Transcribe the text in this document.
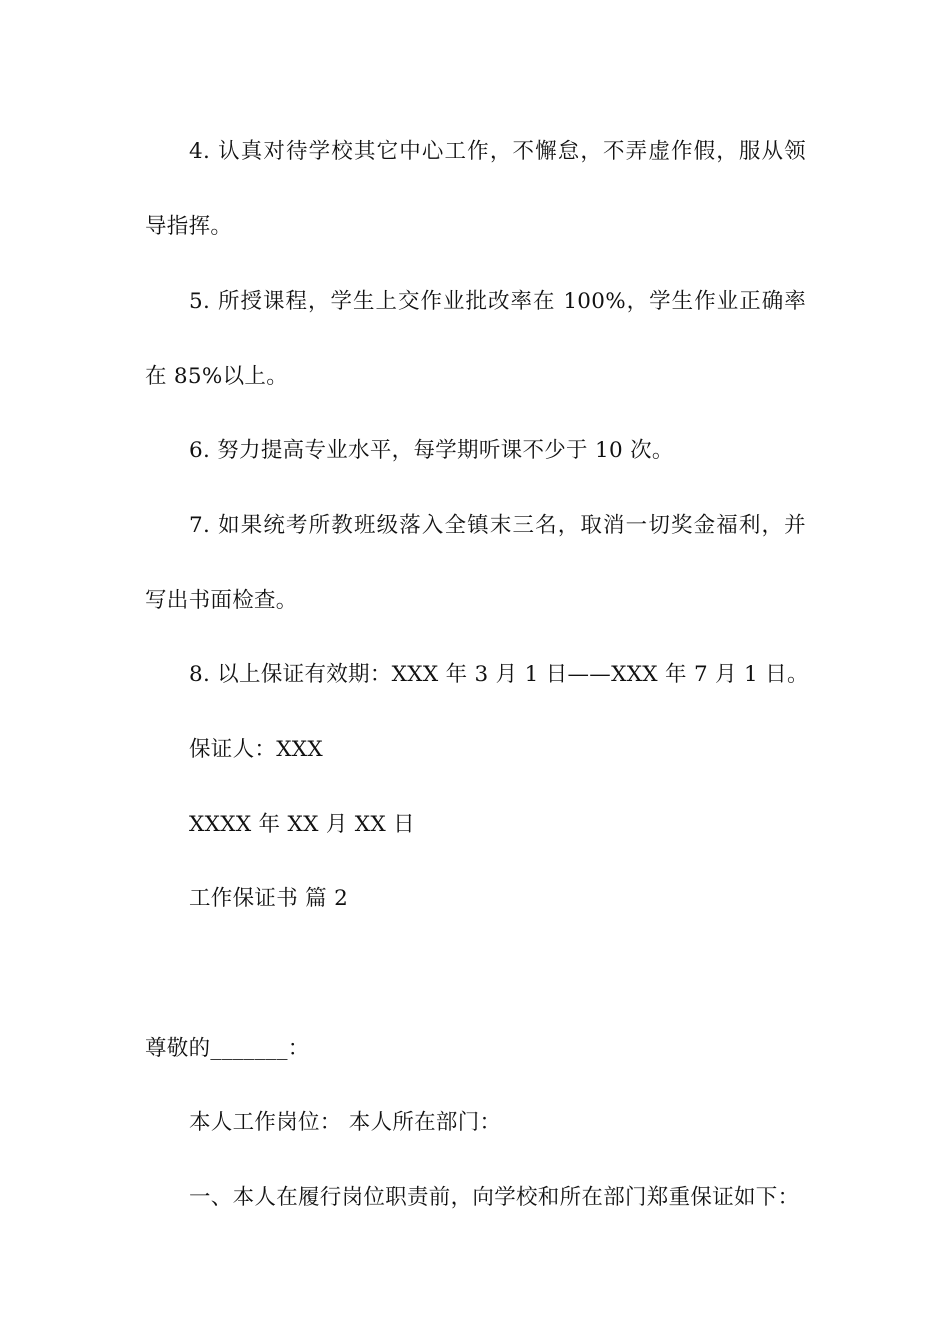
4. 认真对待学校其它中心工作，不懈怠，不弄虚作假，服从领
导指挥。
5. 所授课程，学生上交作业批改率在 100%，学生作业正确率
在 85%以上。
6. 努力提高专业水平，每学期听课不少于 10 次。
7. 如果统考所教班级落入全镇末三名，取消一切奖金福利，并
写出书面检查。
8. 以上保证有效期：XXX 年 3 月 1 日——XXX 年 7 月 1 日。
保证人：XXX
XXXX 年 XX 月 XX 日
工作保证书 篇 2
尊敬的_______：
本人工作岗位： 本人所在部门：
一、本人在履行岗位职责前，向学校和所在部门郑重保证如下：
